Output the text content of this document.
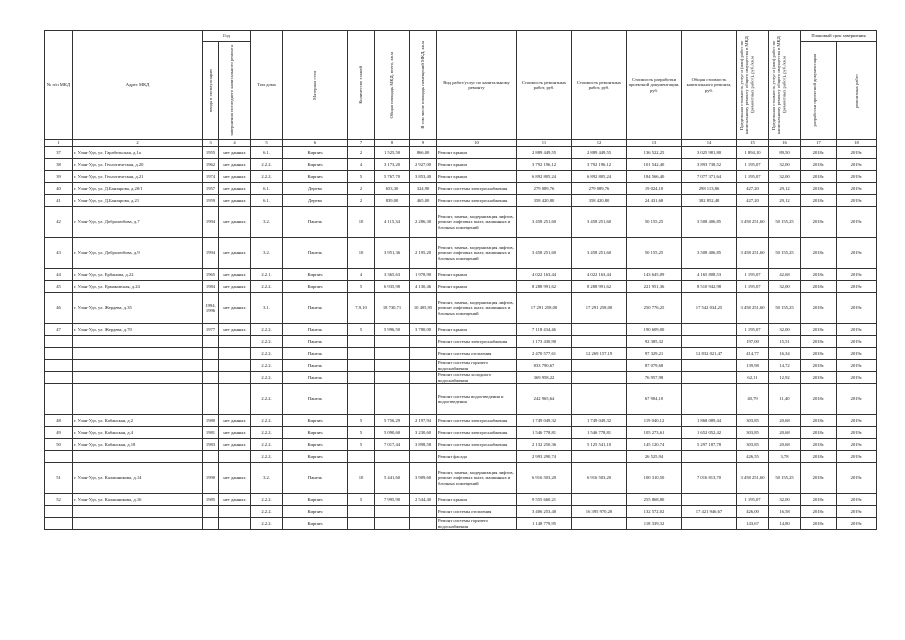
№ п/п МКД	Адрес МКД	Год		Тип дома	Материал стен	Количество этажей	Общая площадь МКД, всего, кв.м	В том числе площадь помещений МКД, кв.м	Вид работ/услуг по капитальному ремонту	Стоимость ремонтных работ, руб.	Стоимость ремонтных работ, руб.	Стоимость разработки проектной документации, руб.	Общая стоимость капитального ремонта, руб.	Предельная стоимость услуг и (или) работ по капитальному ремонту общего имущества в МКД (ремонтных работ), руб./кв.м	Предельная стоимость услуг и (или) работ по капитальному ремонту общего имущества в МКД (ремонтных работ), руб./кв.м	Плановый срок завершения	

		ввода в эксплуатацию	завершения последнего капитального ремонта													разработки проектной документации	ремонтных работ

1	2	3	4	5	6	7	8	9	10	11	12	13	14	15	16	17	18
37	г. Улан-Удэ, ул. Гарабельская, д.1а	1955	нет данных	6.1.	Кирпич	2	1 525,50	866,00	Ремонт крыши	2 889 449,55	2 889 449,55	136 522,25	3 025 981,80	1 894,10	89,50	2018г.	2019г.
38	г. Улан-Удэ, ул. Геологическая, д.20	1962	нет данных	2.2.2.	Кирпич	4	3 173,20	2 927,00	Ремонт крыши	3 792 196,12	3 792 196,12	101 542,40	3 893 738,52	1 195,07	32,00	2018г.	2019г.
39	г. Улан-Удэ, ул. Геологическая, д.21	1974	нет данных	2.2.2.	Кирпич	5	5 767,70	3 853,40	Ремонт крыши	6 892 805,24	6 892 805,24	184 566,40	7 077 371,64	1 195,07	32,00	2018г.	2019г.
40	г. Улан-Удэ, ул. Д.Банзарова, д.20/1	1957	нет данных	6.1.	Дерево	2	653,30	324,90	Ремонт системы электроснабжения	279 089,76	279 089,76	19 024,10	298 113,86	427,20	29,12	2018г.	2019г.
41	г. Улан-Удэ, ул. Д.Банзарова, д.21	1959	нет данных	6.1.	Дерево	2	839,00	465,00	Ремонт системы электроснабжения	358 420,80	358 420,80	24 431,68	382 852,48	427,20	29,12	2018г.	2019г.
42	г. Улан-Удэ, ул. Добролюбова, д.7	1994	нет данных	3.2.	Панель	10	4 115,34	2 286,30	Ремонт, замена, модернизация лифтов, ремонт лифтовых шахт, машинных и блочных помещений	3 458 251,60	3 458 251,60	50 155,25	3 508 406,85	3 458 251,60	50 155,25	2018г.	2019г.
43	г. Улан-Удэ, ул. Добролюбова, д.9	1994	нет данных	3.2.	Панель	10	3 951,36	2 195,20	Ремонт, замена, модернизация лифтов, ремонт лифтовых шахт, машинных и блочных помещений	3 458 251,60	3 458 251,60	50 155,25	3 508 406,85	3 458 251,60	50 155,25	2018г.	2019г.
44	г. Улан-Удэ, ул. Ербанова, д.22	1965	нет данных	2.2.1.	Кирпич	4	3 365,63	1 978,90	Ремонт крыши	4 022 163,44	4 022 163,44	143 645,09	4 165 808,53	1 195,07	42,68	2018г.	2019г.
45	г. Улан-Удэ, ул. Ермаковская, д.24	1984	нет данных	2.2.2.	Кирпич	5	6 935,98	4 130,46	Ремонт крыши	8 288 991,62	8 288 991,62	221 951,36	8 510 942,98	1 195,07	32,00	2018г.	2019г.
46	г. Улан-Удэ, ул. Жердева, д.35	1994, 1996	нет данных	3.1.	Панель	7,9,10	18 730,71	10 405,95	Ремонт, замена, модернизация лифтов, ремонт лифтовых шахт, машинных и блочных помещений	17 291 258,00	17 291 258,00	250 776,25	17 542 034,25	3 458 251,60	50 155,25	2018г.	2019г.
47	г. Улан-Удэ, ул. Жердева, д.70	1977	нет данных	2.2.2.	Панель	5	5 996,50	3 780,00	Ремонт крыши	7 118 434,46		190 609,00		1 195,07	32,00	2018г.	2019г.
				2.2.2.	Панель				Ремонт системы электроснабжения	1 173 430,90		92 385,32		197,00	15,51	2018г.	2019г.
				2.2.2.	Панель				Ремонт системы отопления	2 470 577,61	12 269 157,19	97 329,21	12 832 021,47	414,77	16,34	2018г.	2019г.
				2.2.2.	Панель				Ремонт системы горячего водоснабжения	833 790,67		87 079,68		139,98	14,72	2018г.	2019г.
				2.2.2.	Панель				Ремонт системы холодного водоснабжения	369 958,22		76 957,98		62,11	12,92	2018г.	2019г.
				2.2.2.	Панель				Ремонт системы водоотведения и водоотведения	242 965,64		67 904,10		40,79	11,40	2018г.	2019г.
48	г. Улан-Удэ, ул. Кабанская, д.2	1980	нет данных	2.2.2.	Кирпич	5	5 756,29	2 197,94	Ремонт системы электроснабжения	1 749 049,32	1 749 049,32	119 040,12	1 868 089,44	303,85	20,68	2018г.	2019г.
49	г. Улан-Удэ, ул. Кабанская, д.4	1981	нет данных	2.2.2.	Кирпич	5	5 090,60	3 230,60	Ремонт системы электроснабжения	1 546 778,81	1 546 778,81	105 273,61	1 652 052,42	303,85	20,68	2018г.	2019г.
50	г. Улан-Удэ, ул. Кабанская, д.18	1983	нет данных	2.2.2.	Кирпич	5	7 017,44	3 898,58	Ремонт системы электроснабжения	2 132 250,36	5 125 541,10	145 120,74	5 297 187,78	303,85	20,68	2018г.	2019г.
				2.2.2.	Кирпич				Ремонт фасада	2 993 290,74		26 525,94		426,55	3,78	2018г.	2019г.
51	г. Улан-Удэ, ул. Калашникова, д.14	1990	нет данных	3.2.	Панель	10	5 441,60	3 909,60	Ремонт, замена, модернизация лифтов, ремонт лифтовых шахт, машинных и блочных помещений	6 916 503,20	6 916 503,20	100 310,50	7 016 813,70	3 458 251,60	50 155,25	2018г.	2019г.
52	г. Улан-Удэ, ул. Калашникова, д.16	1985	нет данных	2.2.2.	Кирпич	5	7 995,90	2 544,40	Ремонт крыши	9 555 660,21		255 868,80		1 195,07	32,00	2018г.	2019г.
				2.2.2.	Кирпич				Ремонт системы отопления	3 406 253,40	16 395 970,20	132 572,02	17 421 946,67	426,00	16,58	2018г.	2019г.
				2.2.2.	Кирпич				Ремонт системы горячего водоснабжения	1 148 779,95		118 339,32		143,67	14,80	2018г.	2019г.
